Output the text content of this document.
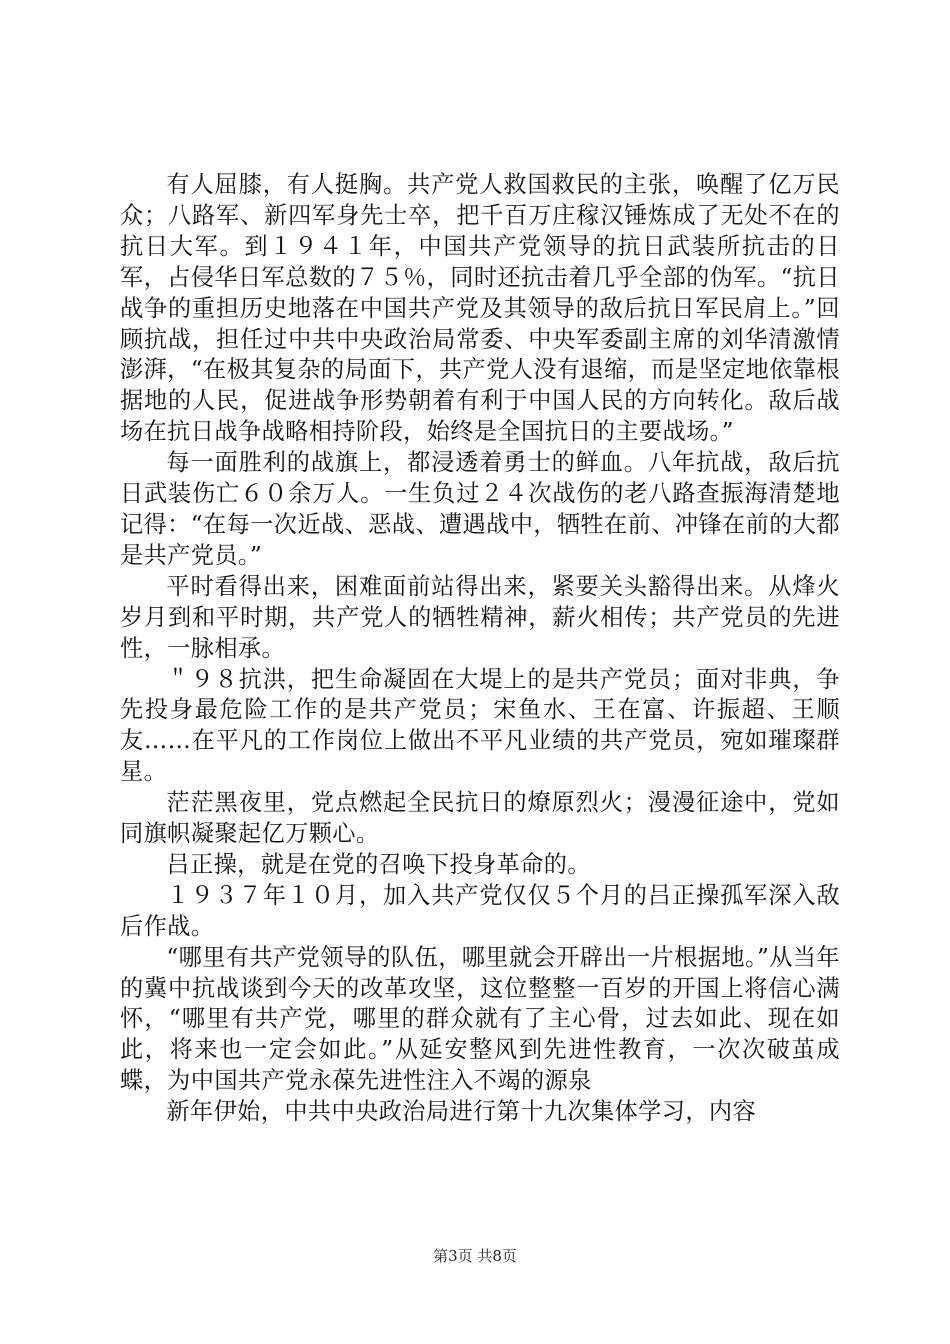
有人屈膝，有人挺胸。共产党人救国救民的主张，唤醒了亿万民众；八路军、新四军身先士卒，把千百万庄稼汉锤炼成了无处不在的抗日大军。到１９４１年，中国共产党领导的抗日武装所抗击的日军，占侵华日军总数的７５％，同时还抗击着几乎全部的伪军。“抗日战争的重担历史地落在中国共产党及其领导的敌后抗日军民肩上。”回顾抗战，担任过中共中央政治局常委、中央军委副主席的刘华清激情澎湃，“在极其复杂的局面下，共产党人没有退缩，而是坚定地依靠根据地的人民，促进战争形势朝着有利于中国人民的方向转化。敌后战场在抗日战争战略相持阶段，始终是全国抗日的主要战场。”

每一面胜利的战旗上，都浸透着勇士的鲜血。八年抗战，敌后抗日武装伤亡６０余万人。一生负过２４次战伤的老八路查振海清楚地记得：“在每一次近战、恶战、遭遇战中，牺牲在前、冲锋在前的大都是共产党员。”

平时看得出来，困难面前站得出来，紧要关头豁得出来。从烽火岁月到和平时期，共产党人的牺牲精神，薪火相传；共产党员的先进性，一脉相承。

＂９８抗洪，把生命凝固在大堤上的是共产党员；面对非典，争先投身最危险工作的是共产党员；宋鱼水、王在富、许振超、王顺友……在平凡的工作岗位上做出不平凡业绩的共产党员，宛如璀璨群星。

茫茫黑夜里，党点燃起全民抗日的燎原烈火；漫漫征途中，党如同旗帜凝聚起亿万颗心。

吕正操，就是在党的召唤下投身革命的。

１９３７年１０月，加入共产党仅仅５个月的吕正操孤军深入敌后作战。

“哪里有共产党领导的队伍，哪里就会开辟出一片根据地。”从当年的冀中抗战谈到今天的改革攻坚，这位整整一百岁的开国上将信心满怀，“哪里有共产党，哪里的群众就有了主心骨，过去如此、现在如此，将来也一定会如此。”从延安整风到先进性教育，一次次破茧成蝶，为中国共产党永葆先进性注入不竭的源泉

新年伊始，中共中央政治局进行第十九次集体学习，内容

第3页 共8页
